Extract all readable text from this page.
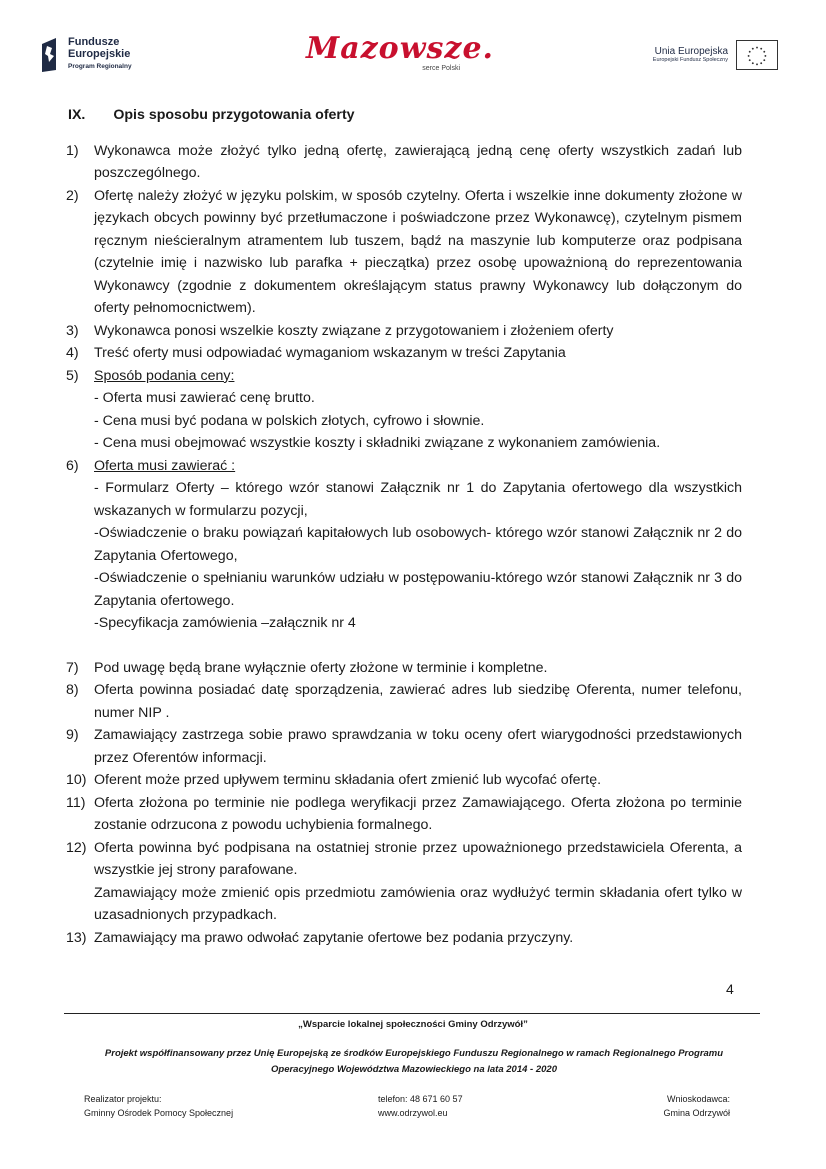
Fundusze
Europejskie
Program Regionalny
Mazowsze.
serce Polski
Unia Europejska
Europejski Fundusz Społeczny
IX. Opis sposobu przygotowania oferty
1)	Wykonawca może złożyć tylko jedną ofertę, zawierającą jedną cenę oferty wszystkich zadań lub poszczególnego.
2)	Ofertę należy złożyć w języku polskim, w sposób czytelny. Oferta i wszelkie inne dokumenty złożone w językach obcych powinny być przetłumaczone i poświadczone przez Wykonawcę), czytelnym pismem ręcznym nieścieralnym atramentem lub tuszem, bądź na maszynie lub komputerze oraz podpisana (czytelnie imię i nazwisko lub parafka + pieczątka) przez osobę upoważnioną do reprezentowania Wykonawcy (zgodnie z dokumentem określającym status prawny Wykonawcy lub dołączonym do oferty pełnomocnictwem).
3)	Wykonawca ponosi wszelkie koszty związane z przygotowaniem i złożeniem oferty
4)	Treść oferty musi odpowiadać wymaganiom wskazanym w treści Zapytania
5)	Sposób podania ceny:
- Oferta musi zawierać cenę brutto.
- Cena musi być podana w polskich złotych, cyfrowo i słownie.
- Cena musi obejmować wszystkie koszty i składniki związane z wykonaniem zamówienia.
6)	Oferta musi zawierać :
- Formularz Oferty – którego wzór stanowi Załącznik nr 1 do Zapytania ofertowego dla wszystkich wskazanych w formularzu pozycji,
-Oświadczenie o braku powiązań kapitałowych lub osobowych- którego wzór stanowi Załącznik nr 2 do Zapytania Ofertowego,
-Oświadczenie o spełnianiu warunków udziału w postępowaniu-którego wzór stanowi Załącznik nr 3 do Zapytania ofertowego.
-Specyfikacja zamówienia –załącznik nr 4
7)	Pod uwagę będą brane wyłącznie oferty złożone w terminie i kompletne.
8)	Oferta powinna posiadać datę sporządzenia, zawierać adres lub siedzibę Oferenta, numer telefonu, numer NIP .
9)	Zamawiający zastrzega sobie prawo sprawdzania w toku oceny ofert wiarygodności przedstawionych przez Oferentów informacji.
10) Oferent może przed upływem terminu składania ofert zmienić lub wycofać ofertę.
11) Oferta złożona po terminie nie podlega weryfikacji przez Zamawiającego. Oferta złożona po terminie zostanie odrzucona z powodu uchybienia formalnego.
12) Oferta powinna być podpisana na ostatniej stronie przez upoważnionego przedstawiciela Oferenta, a wszystkie jej strony parafowane.
Zamawiający może zmienić opis przedmiotu zamówienia oraz wydłużyć termin składania ofert tylko w uzasadnionych przypadkach.
13) Zamawiający ma prawo odwołać zapytanie ofertowe bez podania przyczyny.
4
„Wsparcie lokalnej społeczności Gminy Odrzywół”
Projekt współfinansowany przez Unię Europejską ze środków Europejskiego Funduszu Regionalnego w ramach Regionalnego Programu Operacyjnego Województwa Mazowieckiego na lata 2014 - 2020
Realizator projektu:
Gminny Ośrodek Pomocy Społecznej
telefon: 48 671 60 57
www.odrzywol.eu
Wnioskodawca:
Gmina Odrzywół
